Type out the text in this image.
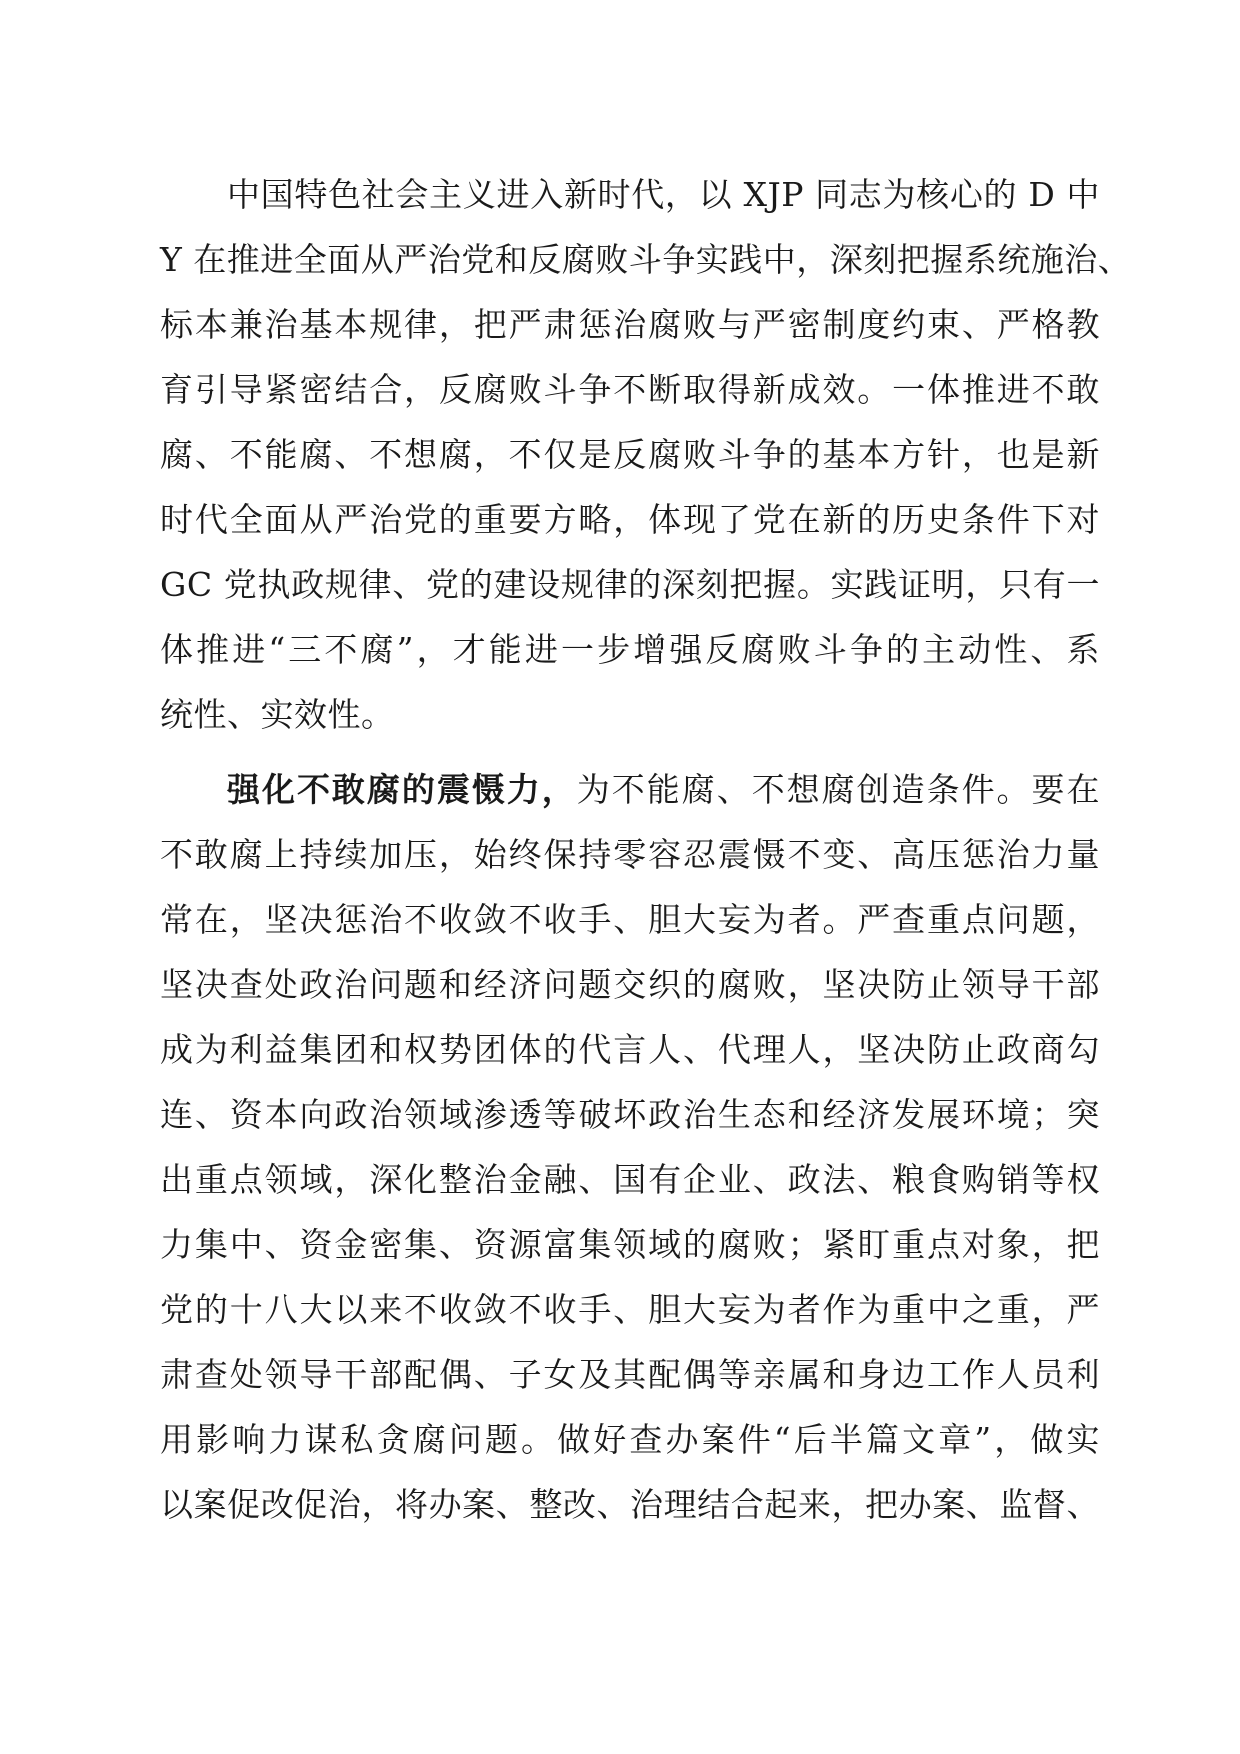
中国特色社会主义进入新时代，以 XJP 同志为核心的 D 中
Y 在推进全面从严治党和反腐败斗争实践中，深刻把握系统施治、
标本兼治基本规律，把严肃惩治腐败与严密制度约束、严格教
育引导紧密结合，反腐败斗争不断取得新成效。一体推进不敢
腐、不能腐、不想腐，不仅是反腐败斗争的基本方针，也是新
时代全面从严治党的重要方略，体现了党在新的历史条件下对
GC 党执政规律、党的建设规律的深刻把握。实践证明，只有一
体推进“三不腐”，才能进一步增强反腐败斗争的主动性、系
统性、实效性。
强化不敢腐的震慑力，为不能腐、不想腐创造条件。要在
不敢腐上持续加压，始终保持零容忍震慑不变、高压惩治力量
常在，坚决惩治不收敛不收手、胆大妄为者。严查重点问题，
坚决查处政治问题和经济问题交织的腐败，坚决防止领导干部
成为利益集团和权势团体的代言人、代理人，坚决防止政商勾
连、资本向政治领域渗透等破坏政治生态和经济发展环境；突
出重点领域，深化整治金融、国有企业、政法、粮食购销等权
力集中、资金密集、资源富集领域的腐败；紧盯重点对象，把
党的十八大以来不收敛不收手、胆大妄为者作为重中之重，严
肃查处领导干部配偶、子女及其配偶等亲属和身边工作人员利
用影响力谋私贪腐问题。做好查办案件“后半篇文章”，做实
以案促改促治，将办案、整改、治理结合起来，把办案、监督、
